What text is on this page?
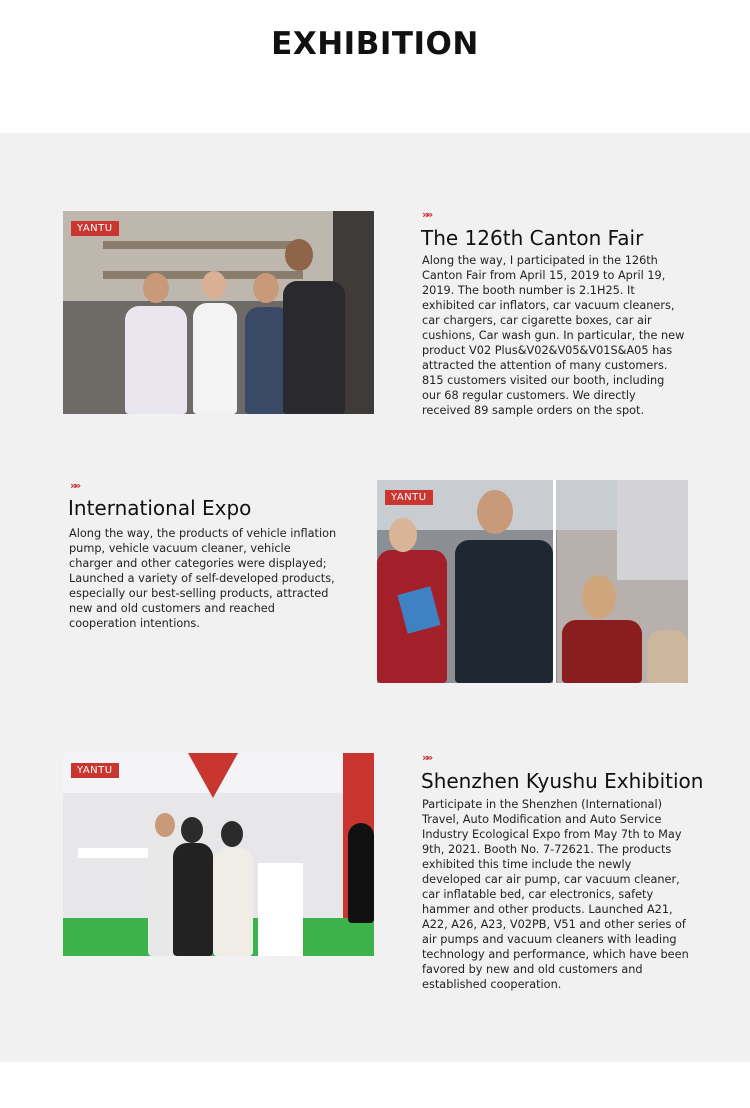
EXHIBITION
YANTU
»»
The 126th Canton Fair
Along the way, I participated in the 126th Canton Fair from April 15, 2019 to April 19, 2019. The booth number is 2.1H25. It exhibited car inflators, car vacuum cleaners, car chargers, car cigarette boxes, car air cushions, Car wash gun. In particular, the new product V02 Plus&V02&V05&V01S&A05 has attracted the attention of many customers. 815 customers visited our booth, including our 68 regular customers. We directly received 89 sample orders on the spot.
»»
International Expo
Along the way, the products of vehicle inflation pump, vehicle vacuum cleaner, vehicle charger and other categories were displayed; Launched a variety of self-developed products, especially our best-selling products, attracted new and old customers and reached cooperation intentions.
YANTU
YANTU
»»
Shenzhen Kyushu Exhibition
Participate in the Shenzhen (International) Travel, Auto Modification and Auto Service Industry Ecological Expo from May 7th to May 9th, 2021. Booth No. 7-72621. The products exhibited this time include the newly developed car air pump, car vacuum cleaner, car inflatable bed, car electronics, safety hammer and other products. Launched A21, A22, A26, A23, V02PB, V51 and other series of air pumps and vacuum cleaners with leading technology and performance, which have been favored by new and old customers and established cooperation.
